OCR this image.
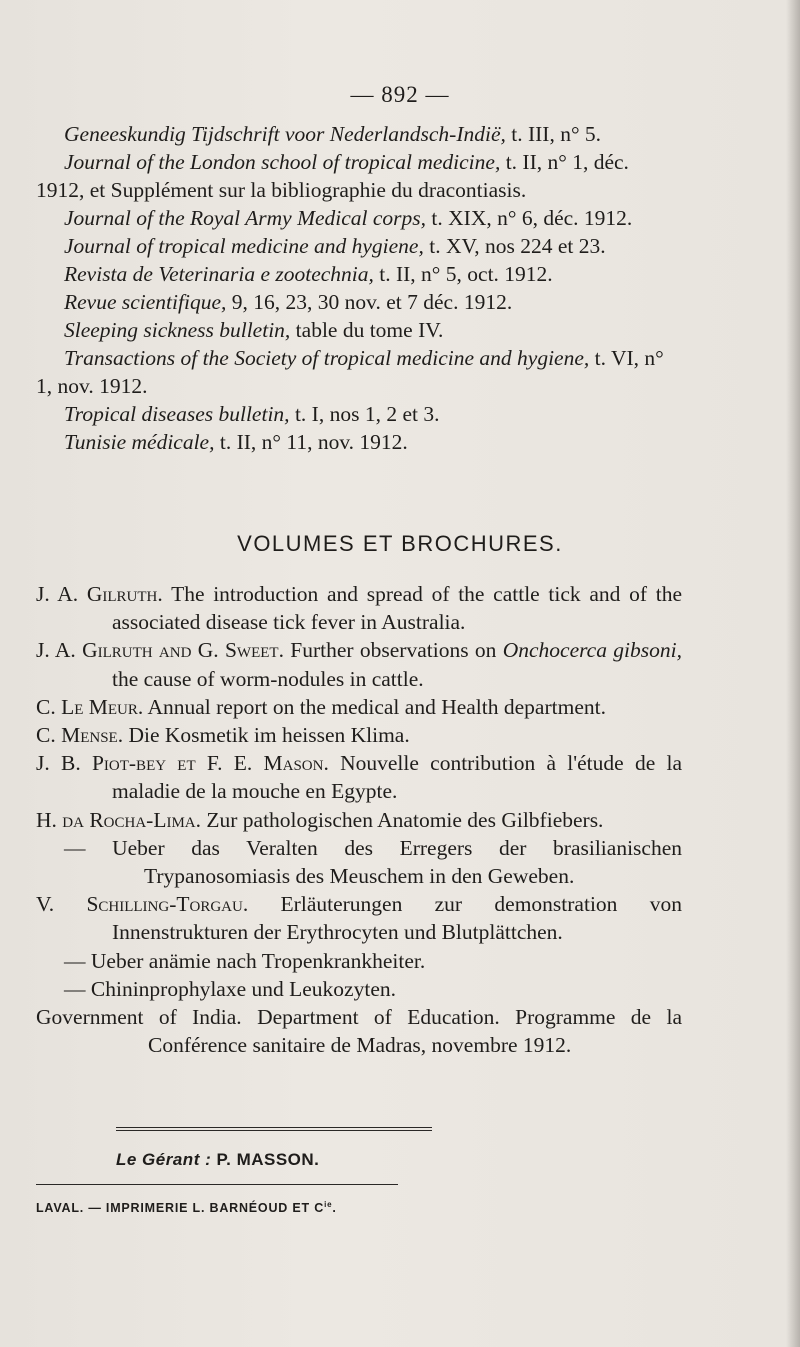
— 892 —

Geneeskundig Tijdschrift voor Nederlandsch-Indië, t. III, n° 5.

Journal of the London school of tropical medicine, t. II, n° 1, déc. 1912, et Supplément sur la bibliographie du dracontiasis.

Journal of the Royal Army Medical corps, t. XIX, n° 6, déc. 1912.

Journal of tropical medicine and hygiene, t. XV, nos 224 et 23.

Revista de Veterinaria e zootechnia, t. II, n° 5, oct. 1912.

Revue scientifique, 9, 16, 23, 30 nov. et 7 déc. 1912.

Sleeping sickness bulletin, table du tome IV.

Transactions of the Society of tropical medicine and hygiene, t. VI, n° 1, nov. 1912.

Tropical diseases bulletin, t. I, nos 1, 2 et 3.

Tunisie médicale, t. II, n° 11, nov. 1912.

VOLUMES ET BROCHURES.

J. A. Gilruth. The introduction and spread of the cattle tick and of the associated disease tick fever in Australia.

J. A. Gilruth and G. Sweet. Further observations on Onchocerca gibsoni, the cause of worm-nodules in cattle.

C. Le Meur. Annual report on the medical and Health department.

C. Mense. Die Kosmetik im heissen Klima.

J. B. Piot-bey et F. E. Mason. Nouvelle contribution à l'étude de la maladie de la mouche en Egypte.

H. da Rocha-Lima. Zur pathologischen Anatomie des Gilbfiebers.

— Ueber das Veralten des Erregers der brasilianischen Trypanosomiasis des Meuschem in den Geweben.

V. Schilling-Torgau. Erläuterungen zur demonstration von Innenstrukturen der Erythrocyten und Blutplättchen.

— Ueber anämie nach Tropenkrankheiter.

— Chininprophylaxe und Leukozyten.

Government of India. Department of Education. Programme de la Conférence sanitaire de Madras, novembre 1912.

Le Gérant : P. MASSON.
LAVAL. — IMPRIMERIE L. BARNÉOUD ET $C^{ie}$.
